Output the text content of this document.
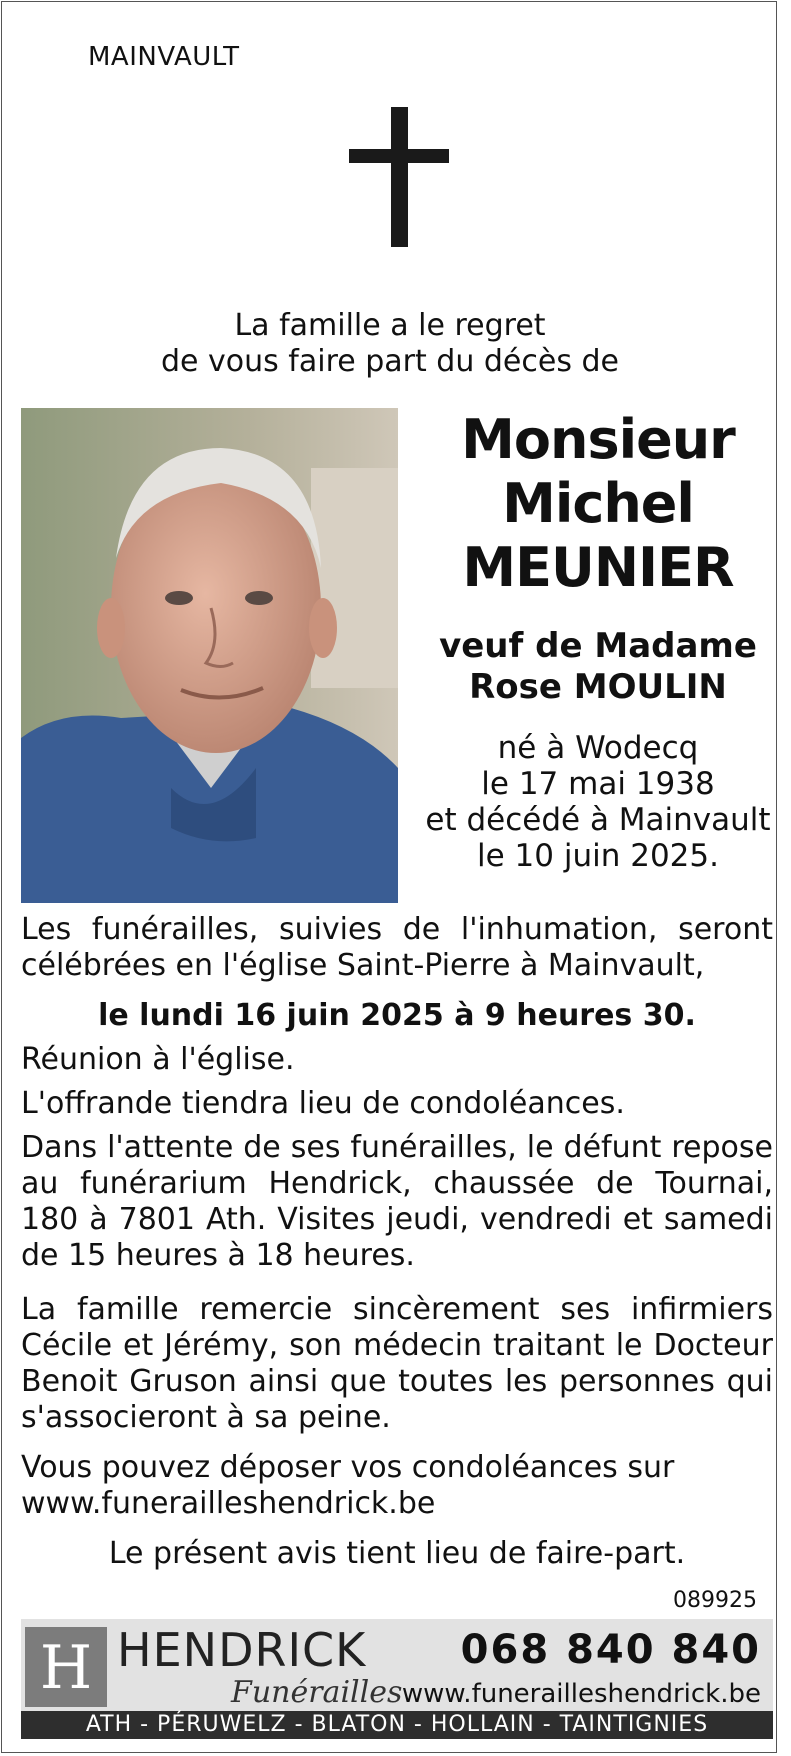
MAINVAULT
La famille a le regret
de vous faire part du décès de
Monsieur
Michel
MEUNIER
veuf de Madame
Rose MOULIN
né à Wodecq
le 17 mai 1938
et décédé à Mainvault
le 10 juin 2025.
Les funérailles, suivies de l'inhumation, seront célébrées en l'église Saint-Pierre à Mainvault,
le lundi 16 juin 2025 à 9 heures 30.
Réunion à l'église.
L'offrande tiendra lieu de condoléances.
Dans l'attente de ses funérailles, le défunt repose au funérarium Hendrick, chaussée de Tournai, 180 à 7801 Ath. Visites jeudi, vendredi et samedi de 15 heures à 18 heures.
La famille remercie sincèrement ses infirmiers Cécile et Jérémy, son médecin traitant le Docteur Benoit Gruson ainsi que toutes les personnes qui s'associeront à sa peine.
Vous pouvez déposer vos condoléances sur
www.funerailleshendrick.be
Le présent avis tient lieu de faire-part.
089925
H HENDRICK
Funérailles
068 840 840
www.funerailleshendrick.be
ATH - PÉRUWELZ - BLATON - HOLLAIN - TAINTIGNIES
